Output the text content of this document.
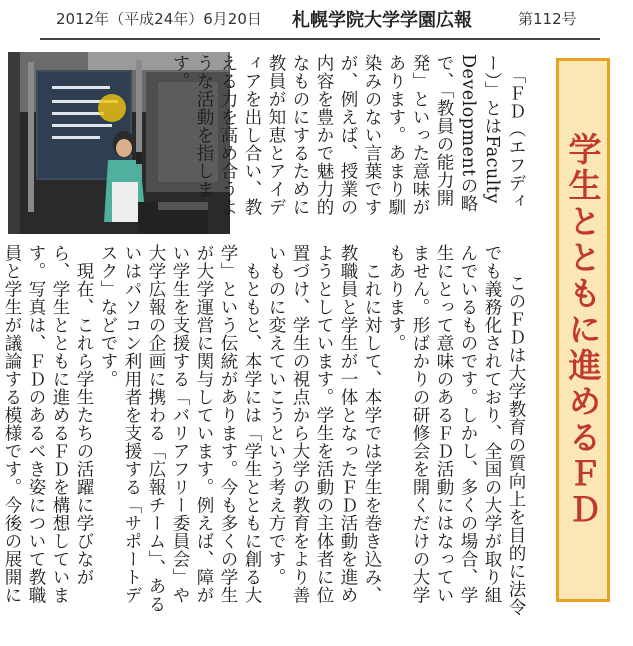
2012年（平成24年）6月20日 札幌学院大学学園広報	第112号
学生とともに進めるＦＤ

「ＦＤ（エフディー）」とはFaculty Developmentの略で、「教員の能力開発」といった意味があります。あまり馴染みのない言葉ですが、例えば、授業の内容を豊かで魅力的なものにするために教員が知恵とアイディアを出し合い、教える力を高め合うような活動を指します。

　このＦＤは大学教育の質向上を目的に法令でも義務化されており、全国の大学が取り組んでいるものです。しかし、多くの場合、学生にとって意味のあるＦＤ活動にはなっていません。形ばかりの研修会を開くだけの大学もあります。
　これに対して、本学では学生を巻き込み、教職員と学生が一体となったＦＤ活動を進めようとしています。学生を活動の主体者に位置づけ、学生の視点から大学の教育をより善いものに変えていこうという考え方です。
　もともと、本学には「学生とともに創る大学」という伝統があります。今も多くの学生が大学運営に関与しています。例えば、障がい学生を支援する「バリアフリー委員会」や大学広報の企画に携わる「広報チーム」、あるいはパソコン利用者を支援する「サポートデスク」などです。
　現在、これら学生たちの活躍に学びながら、学生とともに進めるＦＤを構想しています。写真は、ＦＤのあるべき姿について教職員と学生が議論する模様です。今後の展開に
